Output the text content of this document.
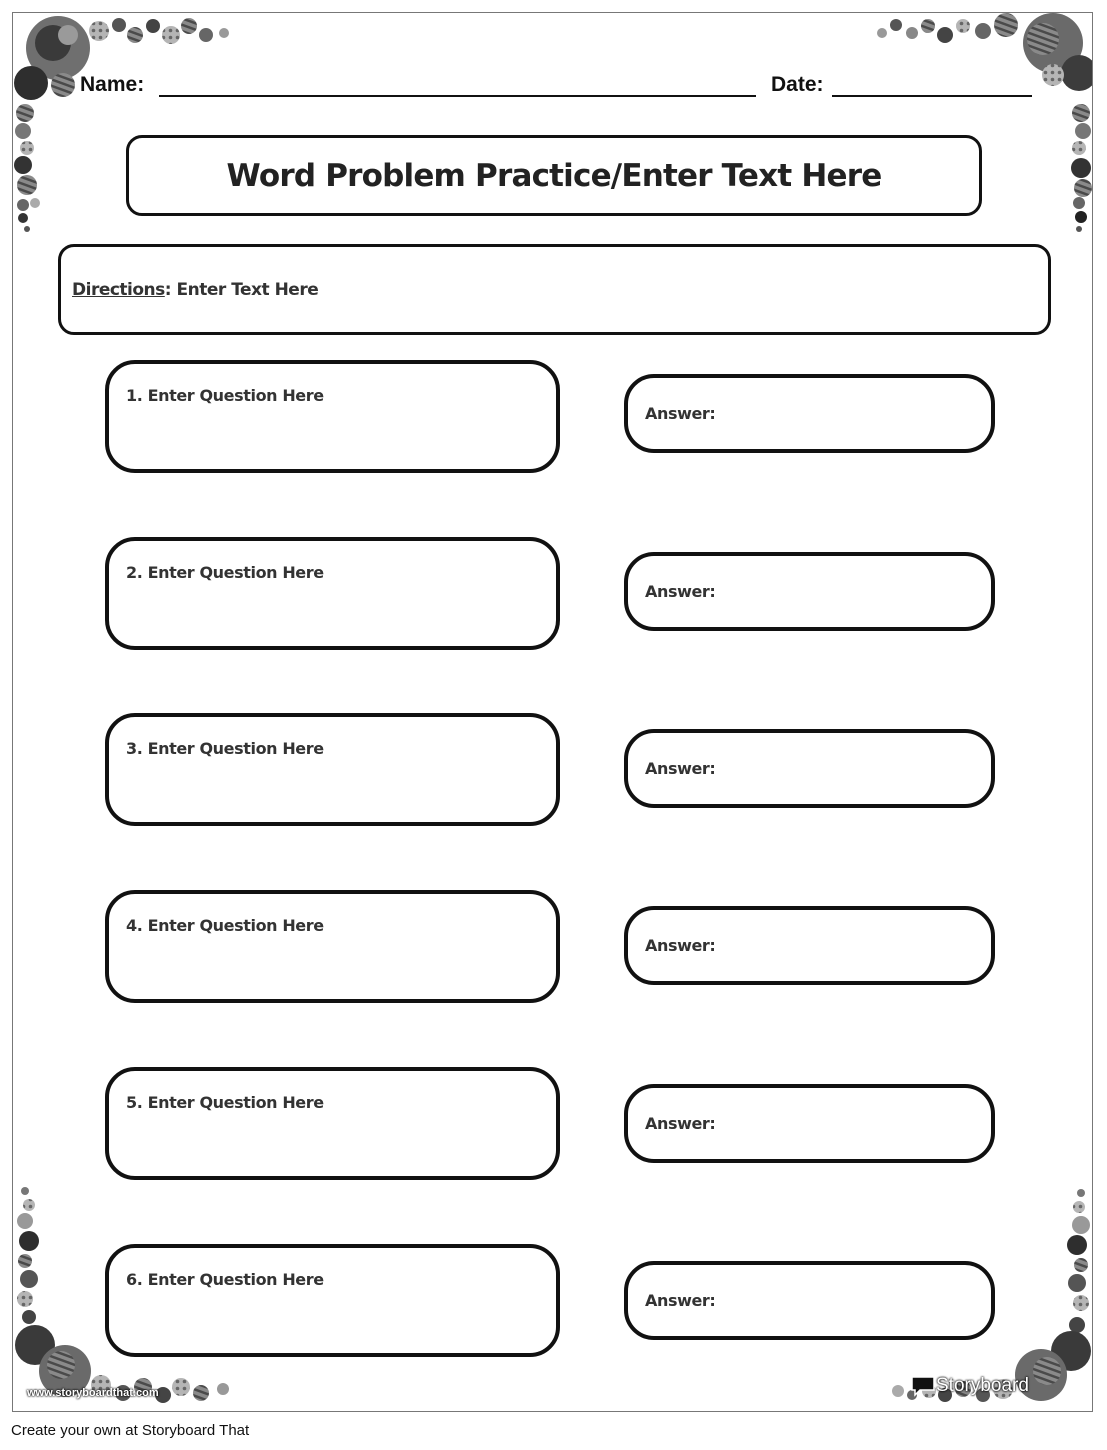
Name:	Date:
Word Problem Practice/Enter Text Here
Directions: Enter Text Here
1. Enter Question Here
Answer:
2. Enter Question Here
Answer:
3. Enter Question Here
Answer:
4. Enter Question Here
Answer:
5. Enter Question Here
Answer:
6. Enter Question Here
Answer:
www.storyboardthat.com	Storyboard
Create your own at Storyboard That
